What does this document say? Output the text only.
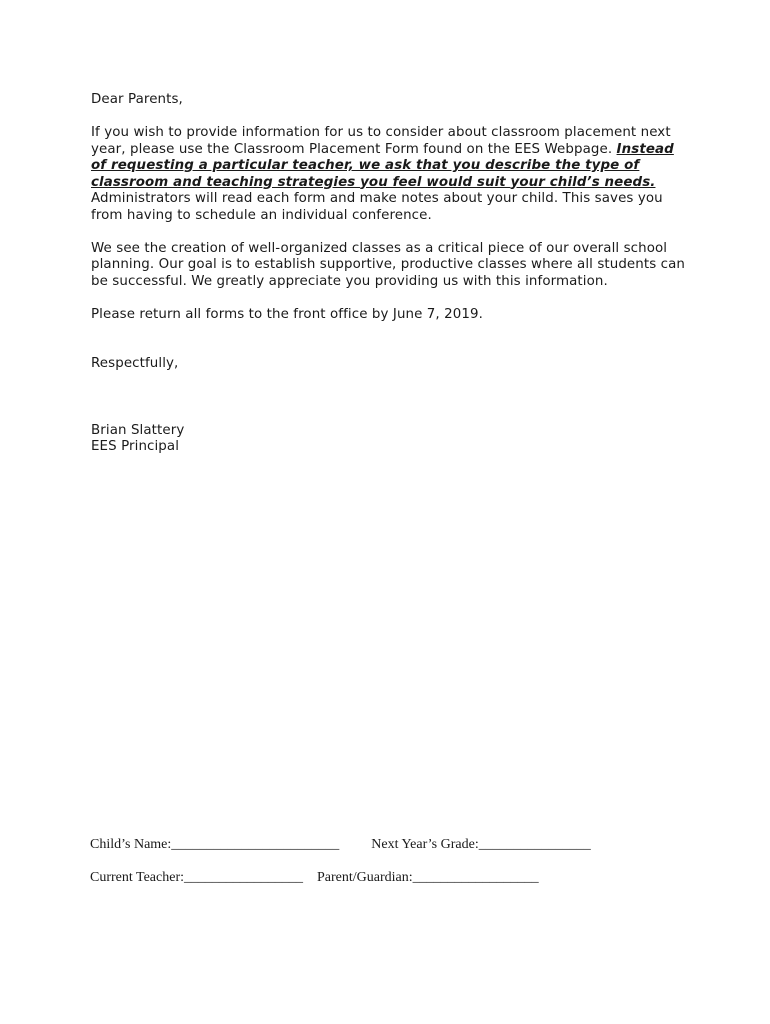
Dear Parents,

If you wish to provide information for us to consider about classroom placement next year, please use the Classroom Placement Form found on the EES Webpage. Instead of requesting a particular teacher, we ask that you describe the type of classroom and teaching strategies you feel would suit your child’s needs.   Administrators will read each form and make notes about your child. This saves you from having to schedule an individual conference.

We see the creation of well-organized classes as a critical piece of our overall school planning. Our goal is to establish supportive, productive classes where all students can be successful. We greatly appreciate you providing us with this information.

Please return all forms to the front office by June 7, 2019.

Respectfully,

Brian Slattery

EES Principal

Child’s Name:________________________ Next Year’s Grade:________________
Current Teacher:_________________ Parent/Guardian:__________________
